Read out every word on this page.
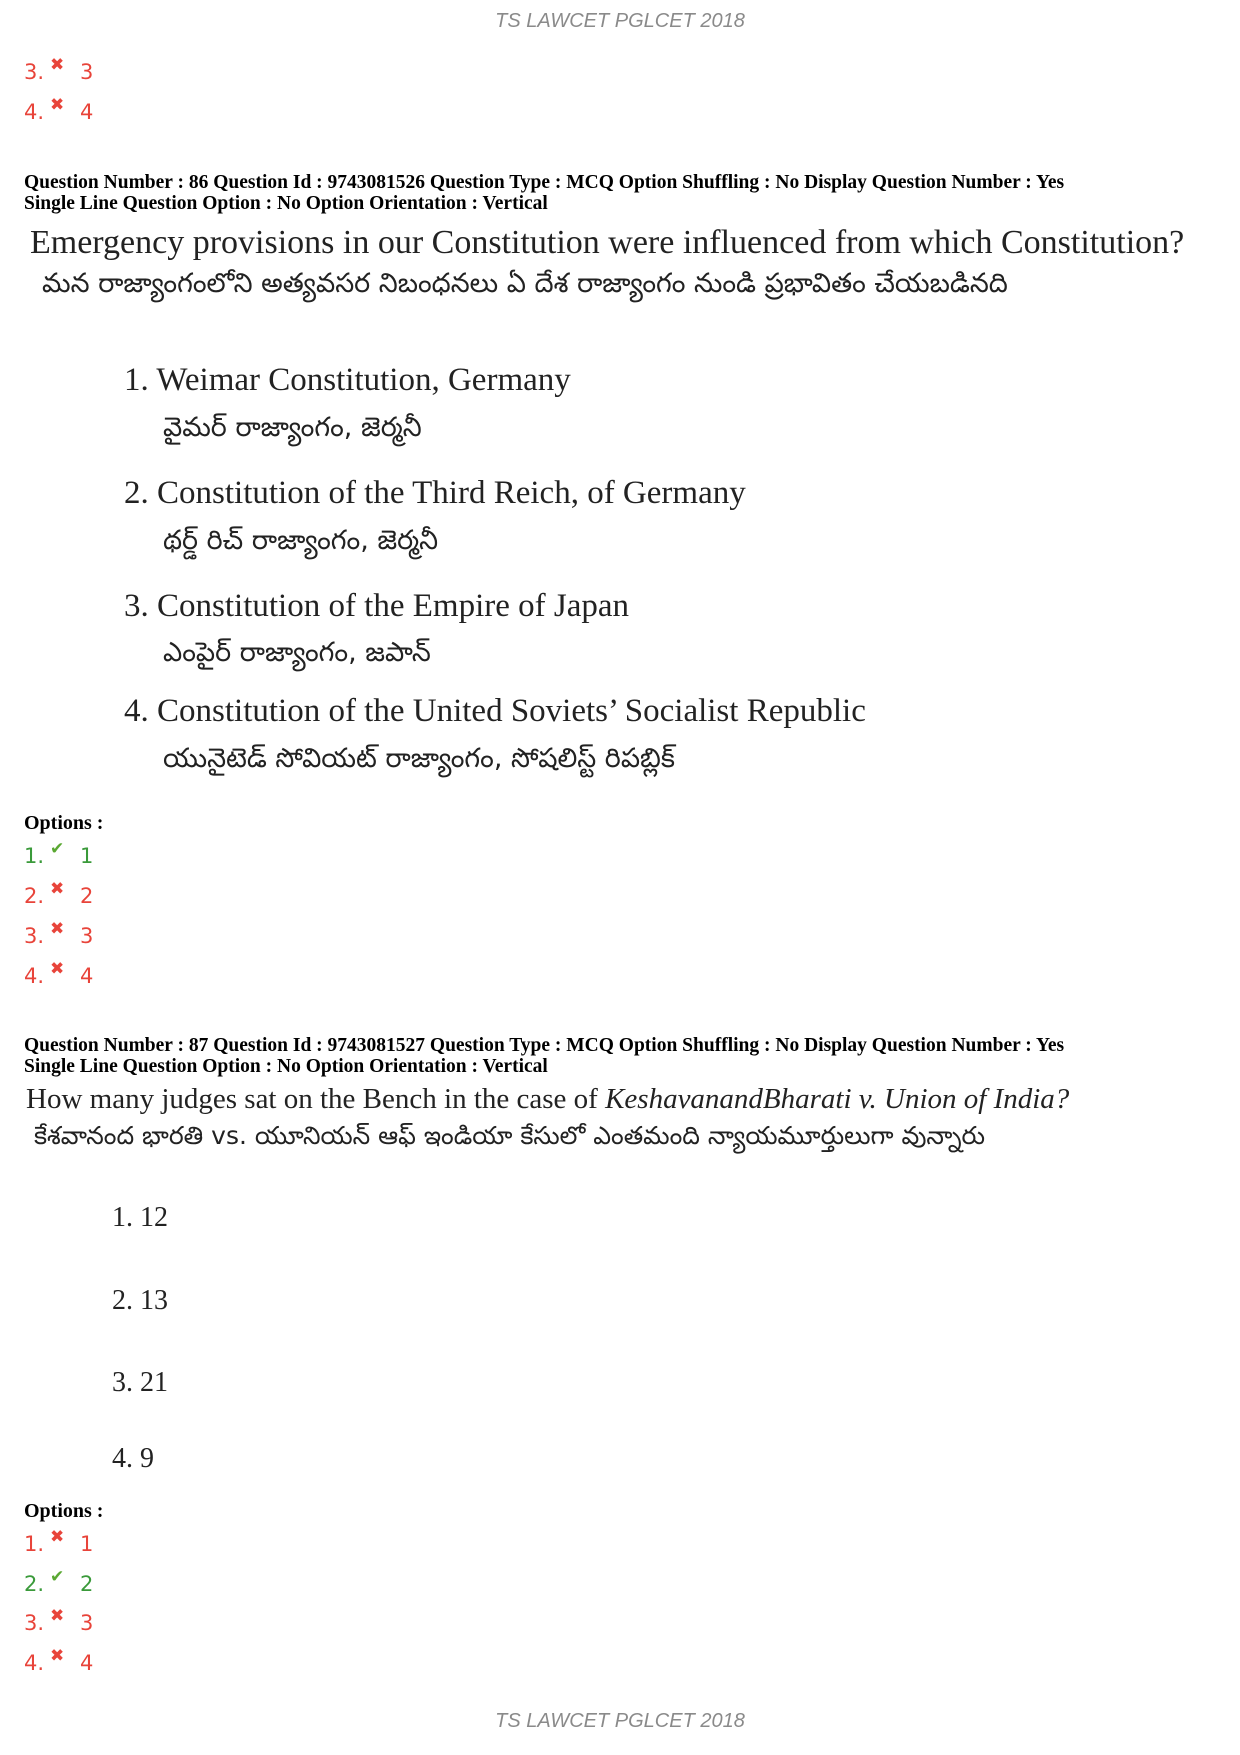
TS LAWCET PGLCET 2018
3. ✖ 3
4. ✖ 4
Question Number : 86 Question Id : 9743081526 Question Type : MCQ Option Shuffling : No Display Question Number : Yes
Single Line Question Option : No Option Orientation : Vertical
Emergency provisions in our Constitution were influenced from which Constitution?
మన రాజ్యాంగంలోని అత్యవసర నిబంధనలు ఏ దేశ రాజ్యాంగం నుండి ప్రభావితం చేయబడినది
1. Weimar Constitution, Germany
వైమర్ రాజ్యాంగం, జెర్మనీ
2. Constitution of the Third Reich, of Germany
థర్డ్ రిచ్ రాజ్యాంగం, జెర్మనీ
3. Constitution of the Empire of Japan
ఎంపైర్ రాజ్యాంగం, జపాన్
4. Constitution of the United Soviets’ Socialist Republic
యునైటెడ్ సోవియట్ రాజ్యాంగం, సోషలిస్ట్ రిపబ్లిక్
Options :
1. ✔ 1
2. ✖ 2
3. ✖ 3
4. ✖ 4
Question Number : 87 Question Id : 9743081527 Question Type : MCQ Option Shuffling : No Display Question Number : Yes
Single Line Question Option : No Option Orientation : Vertical
How many judges sat on the Bench in the case of KeshavanandBharati v. Union of India?
కేశవానంద భారతి vs. యూనియన్ ఆఫ్ ఇండియా కేసులో ఎంతమంది న్యాయమూర్తులుగా వున్నారు
1. 12
2. 13
3. 21
4. 9
Options :
1. ✖ 1
2. ✔ 2
3. ✖ 3
4. ✖ 4
TS LAWCET PGLCET 2018
